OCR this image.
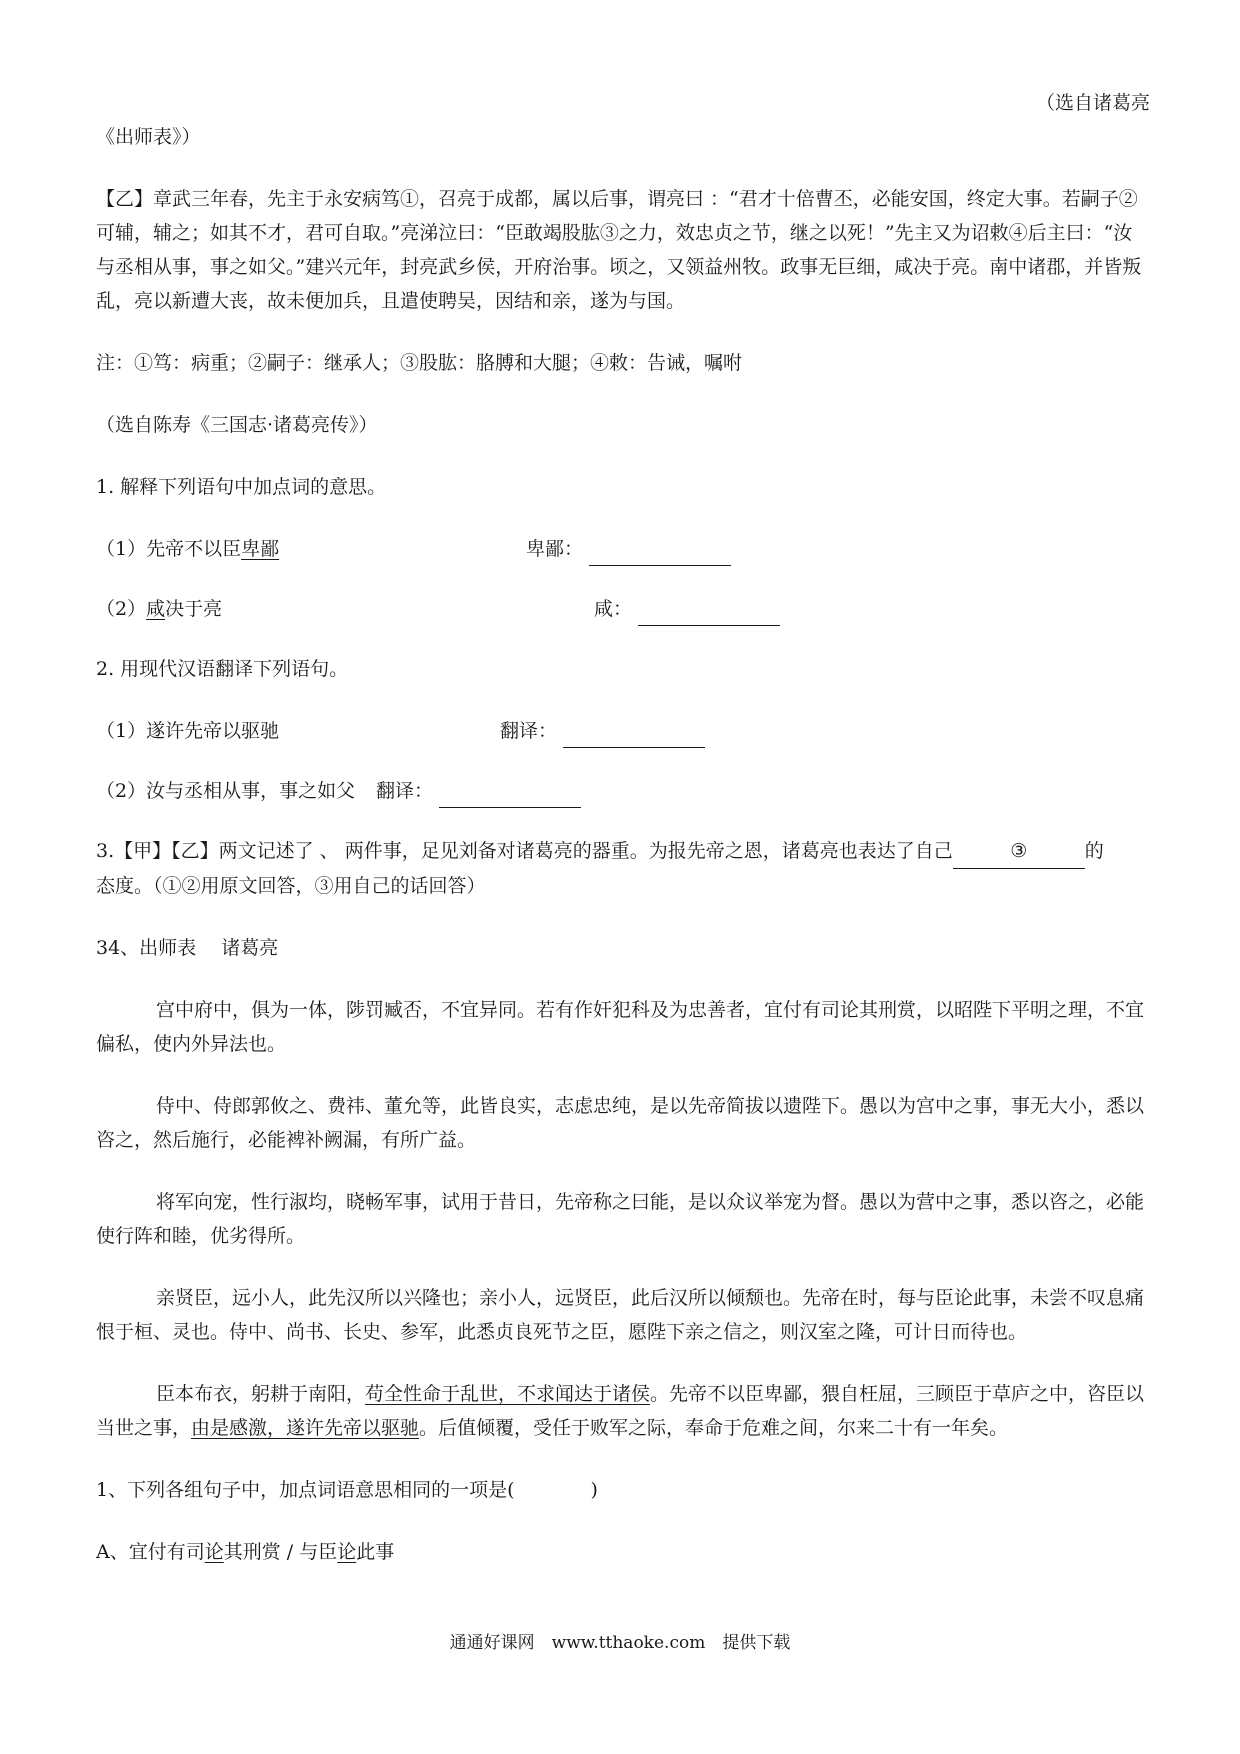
（选自诸葛亮

《出师表》）

【乙】章武三年春，先主于永安病笃①，召亮于成都，属以后事，谓亮曰 ：“君才十倍曹丕，必能安国，终定大事。若嗣子②可辅，辅之；如其不才，君可自取。”亮涕泣曰：“臣敢竭股肱③之力，效忠贞之节，继之以死！”先主又为诏敕④后主曰：“汝与丞相从事，事之如父。”建兴元年，封亮武乡侯，开府治事。顷之，又领益州牧。政事无巨细，咸决于亮。南中诸郡，并皆叛乱，亮以新遭大丧，故未便加兵，且遣使聘吴，因结和亲，遂为与国。

注：①笃：病重；②嗣子：继承人；③股肱：胳膊和大腿；④敕：告诫，嘱咐

（选自陈寿《三国志·诸葛亮传》）

1. 解释下列语句中加点词的意思。

（1）先帝不以臣卑鄙	卑鄙：
（2）咸决于亮	咸：

2. 用现代汉语翻译下列语句。

（1）遂许先帝以驱驰	翻译：
（2）汝与丞相从事，事之如父	翻译：

3.【甲】【乙】两文记述了 、 两件事，足见刘备对诸葛亮的器重。为报先帝之恩，诸葛亮也表达了自己	③	的
态度。（①②用原文回答，③用自己的话回答）

34、出师表　 诸葛亮

宫中府中，俱为一体，陟罚臧否，不宜异同。若有作奸犯科及为忠善者，宜付有司论其刑赏，以昭陛下平明之理，不宜偏私，使内外异法也。

侍中、侍郎郭攸之、费祎、董允等，此皆良实，志虑忠纯，是以先帝简拔以遗陛下。愚以为宫中之事，事无大小，悉以咨之，然后施行，必能裨补阙漏，有所广益。

将军向宠，性行淑均，晓畅军事，试用于昔日，先帝称之曰能，是以众议举宠为督。愚以为营中之事，悉以咨之，必能使行阵和睦，优劣得所。

亲贤臣，远小人，此先汉所以兴隆也；亲小人，远贤臣，此后汉所以倾颓也。先帝在时，每与臣论此事，未尝不叹息痛恨于桓、灵也。侍中、尚书、长史、参军，此悉贞良死节之臣，愿陛下亲之信之，则汉室之隆，可计日而待也。

臣本布衣，躬耕于南阳，苟全性命于乱世，不求闻达于诸侯。先帝不以臣卑鄙，猥自枉屈，三顾臣于草庐之中，咨臣以当世之事，由是感激，遂许先帝以驱驰。后值倾覆，受任于败军之际，奉命于危难之间，尔来二十有一年矣。

1、下列各组句子中，加点词语意思相同的一项是(　　　　)

A、宜付有司论其刑赏 / 与臣论此事

通通好课网　www.tthaoke.com　提供下载
